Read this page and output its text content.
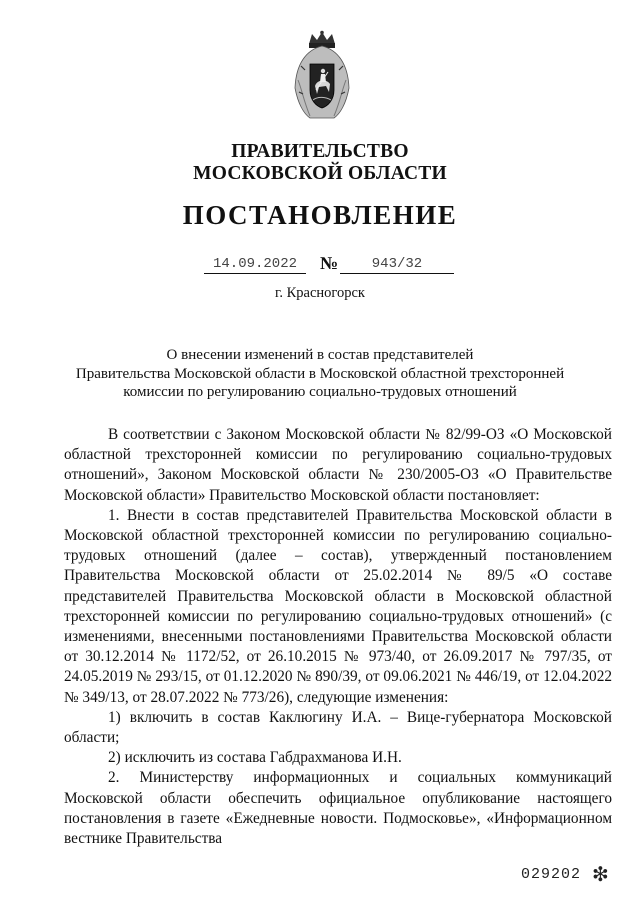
ПРАВИТЕЛЬСТВО
МОСКОВСКОЙ ОБЛАСТИ
ПОСТАНОВЛЕНИЕ
14.09.2022	№	943/32
г. Красногорск
О внесении изменений в состав представителей
Правительства Московской области в Московской областной трехсторонней
комиссии по регулированию социально-трудовых отношений

В соответствии с Законом Московской области № 82/99-ОЗ «О Московской областной трехсторонней комиссии по регулированию социально-трудовых отношений», Законом Московской области № 230/2005-ОЗ «О Правительстве Московской области» Правительство Московской области постановляет:

1. Внести в состав представителей Правительства Московской области в Московской областной трехсторонней комиссии по регулированию социально-трудовых отношений (далее – состав), утвержденный постановлением Правительства Московской области от 25.02.2014 № 89/5 «О составе представителей Правительства Московской области в Московской областной трехсторонней комиссии по регулированию социально-трудовых отношений» (с изменениями, внесенными постановлениями Правительства Московской области от 30.12.2014 № 1172/52, от 26.10.2015 № 973/40, от 26.09.2017 № 797/35, от 24.05.2019 № 293/15, от 01.12.2020 № 890/39, от 09.06.2021 № 446/19, от 12.04.2022 № 349/13, от 28.07.2022 № 773/26), следующие изменения:

1) включить в состав Каклюгину И.А. – Вице-губернатора Московской области;

2) исключить из состава Габдрахманова И.Н.

2. Министерству информационных и социальных коммуникаций Московской области обеспечить официальное опубликование настоящего постановления в газете «Ежедневные новости. Подмосковье», «Информационном вестнике Правительства

029202 ❇
